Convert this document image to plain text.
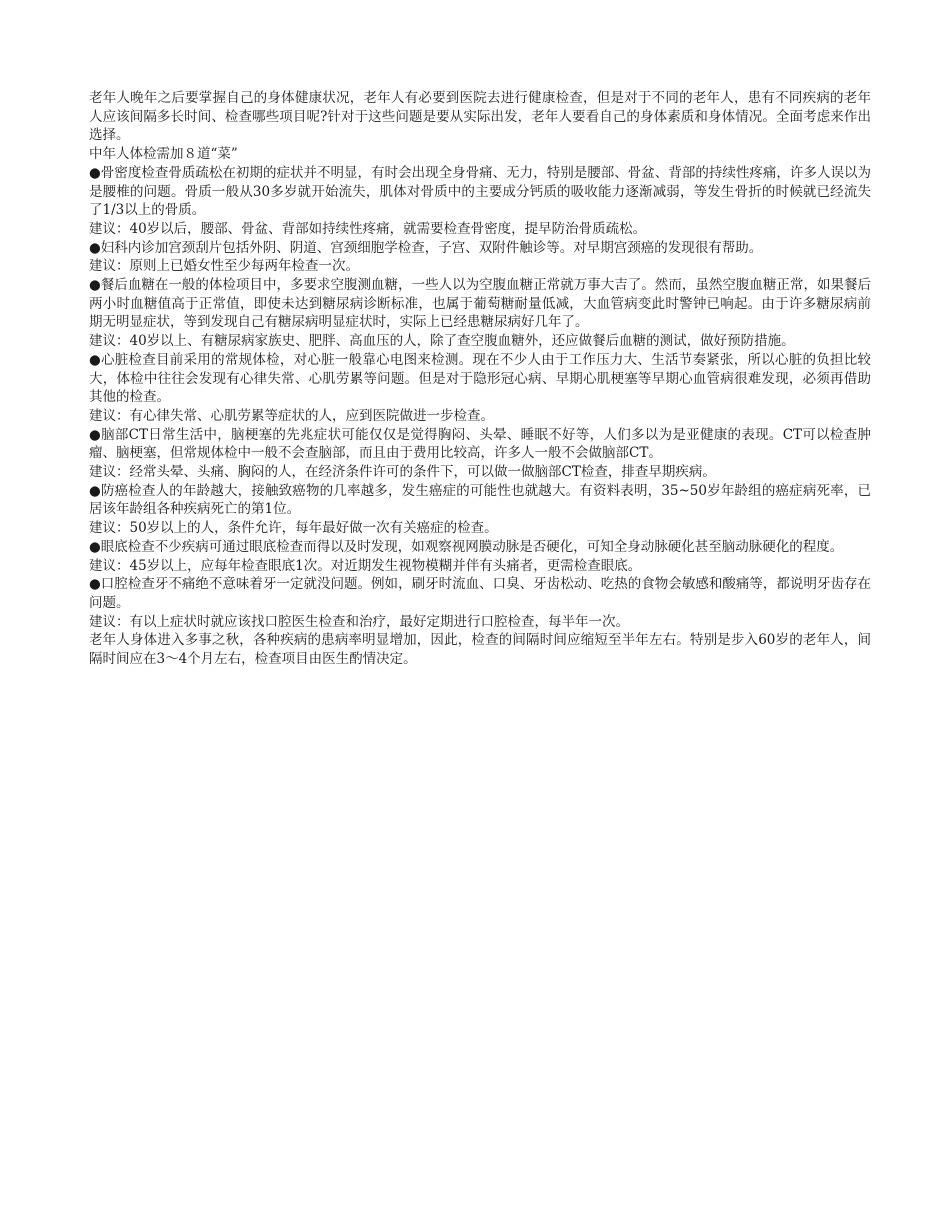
老年人晚年之后要掌握自己的身体健康状况，老年人有必要到医院去进行健康检查，但是对于不同的老年人，患有不同疾病的老年人应该间隔多长时间、检查哪些项目呢?针对于这些问题是要从实际出发，老年人要看自己的身体素质和身体情况。全面考虑来作出选择。

中年人体检需加８道“菜”

●骨密度检查骨质疏松在初期的症状并不明显，有时会出现全身骨痛、无力，特别是腰部、骨盆、背部的持续性疼痛，许多人误以为是腰椎的问题。骨质一般从30多岁就开始流失，肌体对骨质中的主要成分钙质的吸收能力逐渐减弱，等发生骨折的时候就已经流失了1/3以上的骨质。

建议：40岁以后，腰部、骨盆、背部如持续性疼痛，就需要检查骨密度，提早防治骨质疏松。

●妇科内诊加宫颈刮片包括外阴、阴道、宫颈细胞学检查，子宫、双附件触诊等。对早期宫颈癌的发现很有帮助。

建议：原则上已婚女性至少每两年检查一次。

●餐后血糖在一般的体检项目中，多要求空腹测血糖，一些人以为空腹血糖正常就万事大吉了。然而，虽然空腹血糖正常，如果餐后两小时血糖值高于正常值，即使未达到糖尿病诊断标准，也属于葡萄糖耐量低减，大血管病变此时警钟已响起。由于许多糖尿病前期无明显症状，等到发现自己有糖尿病明显症状时，实际上已经患糖尿病好几年了。

建议：40岁以上、有糖尿病家族史、肥胖、高血压的人，除了查空腹血糖外，还应做餐后血糖的测试，做好预防措施。

●心脏检查目前采用的常规体检，对心脏一般靠心电图来检测。现在不少人由于工作压力大、生活节奏紧张，所以心脏的负担比较大，体检中往往会发现有心律失常、心肌劳累等问题。但是对于隐形冠心病、早期心肌梗塞等早期心血管病很难发现，必须再借助其他的检查。

建议：有心律失常、心肌劳累等症状的人，应到医院做进一步检查。

●脑部CT日常生活中，脑梗塞的先兆症状可能仅仅是觉得胸闷、头晕、睡眠不好等，人们多以为是亚健康的表现。CT可以检查肿瘤、脑梗塞，但常规体检中一般不会查脑部，而且由于费用比较高，许多人一般不会做脑部CT。

建议：经常头晕、头痛、胸闷的人，在经济条件许可的条件下，可以做一做脑部CT检查，排查早期疾病。

●防癌检查人的年龄越大，接触致癌物的几率越多，发生癌症的可能性也就越大。有资料表明，35~50岁年龄组的癌症病死率，已居该年龄组各种疾病死亡的第1位。

建议：50岁以上的人，条件允许，每年最好做一次有关癌症的检查。

●眼底检查不少疾病可通过眼底检查而得以及时发现，如观察视网膜动脉是否硬化，可知全身动脉硬化甚至脑动脉硬化的程度。

建议：45岁以上，应每年检查眼底1次。对近期发生视物模糊并伴有头痛者，更需检查眼底。

●口腔检查牙不痛绝不意味着牙一定就没问题。例如，刷牙时流血、口臭、牙齿松动、吃热的食物会敏感和酸痛等，都说明牙齿存在问题。

建议：有以上症状时就应该找口腔医生检查和治疗，最好定期进行口腔检查，每半年一次。

老年人身体进入多事之秋，各种疾病的患病率明显增加，因此，检查的间隔时间应缩短至半年左右。特别是步入60岁的老年人，间隔时间应在3～4个月左右，检查项目由医生酌情决定。
